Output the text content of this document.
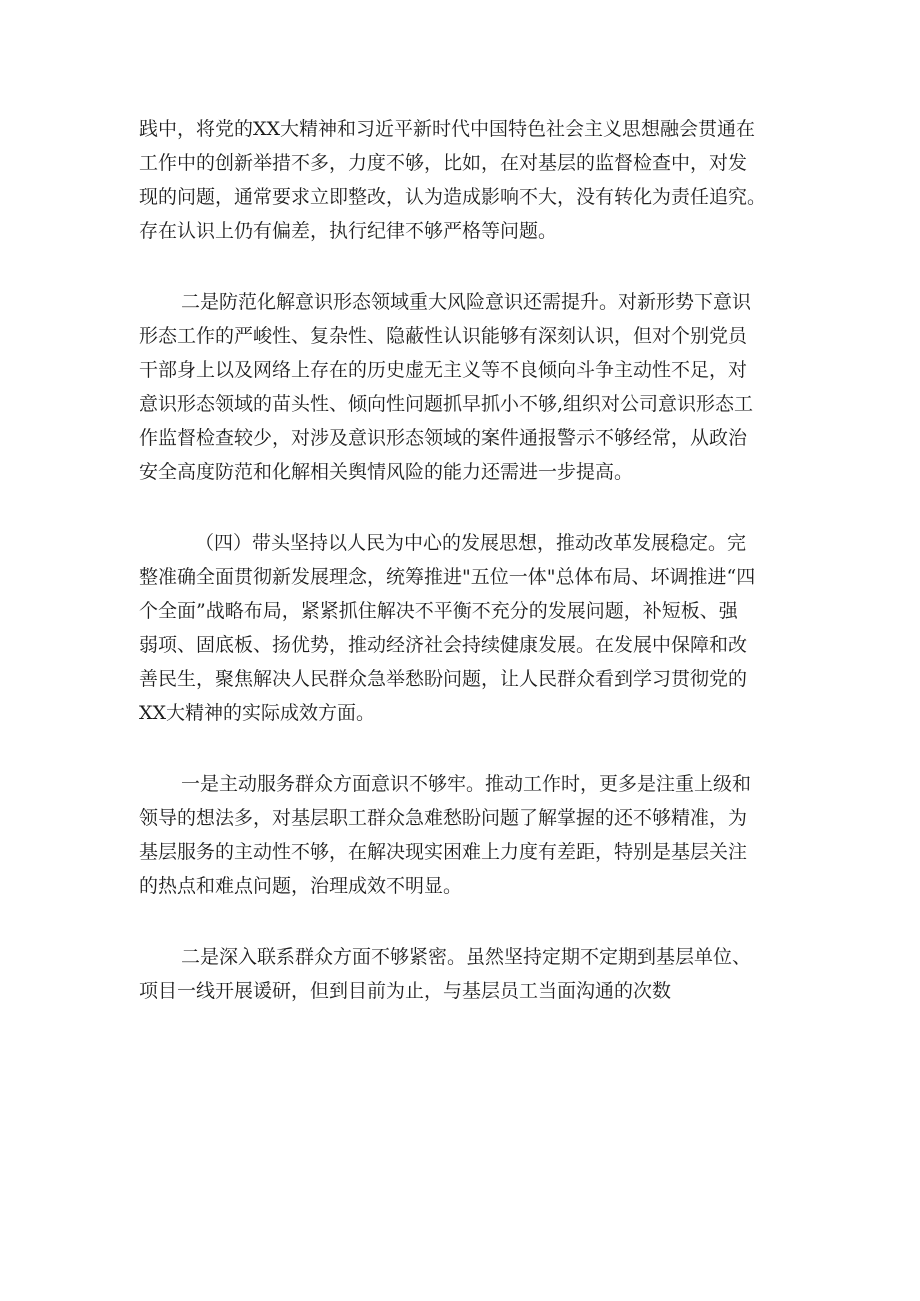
践中，将党的XX大精神和习近平新时代中国特色社会主义思想融会贯通在
工作中的创新举措不多，力度不够，比如，在对基层的监督检查中，对发
现的问题，通常要求立即整改，认为造成影响不大，没有转化为责任追究。
存在认识上仍有偏差，执行纪律不够严格等问题。
二是防范化解意识形态领域重大风险意识还需提升。对新形势下意识
形态工作的严峻性、复杂性、隐蔽性认识能够有深刻认识，但对个别党员
干部身上以及网络上存在的历史虚无主义等不良倾向斗争主动性不足，对
意识形态领域的苗头性、倾向性问题抓早抓小不够,组织对公司意识形态工
作监督检查较少，对涉及意识形态领域的案件通报警示不够经常，从政治
安全高度防范和化解相关舆情风险的能力还需进一步提高。
（四）带头坚持以人民为中心的发展思想，推动改革发展稳定。完
整准确全面贯彻新发展理念，统筹推进"五位一体"总体布局、坏调推进“四
个全面”战略布局，紧紧抓住解决不平衡不充分的发展问题，补短板、强
弱项、固底板、扬优势，推动经济社会持续健康发展。在发展中保障和改
善民生，聚焦解决人民群众急举愁盼问题，让人民群众看到学习贯彻党的
XX大精神的实际成效方面。
一是主动服务群众方面意识不够牢。推动工作时，更多是注重上级和
领导的想法多，对基层职工群众急难愁盼问题了解掌握的还不够精准，为
基层服务的主动性不够，在解决现实困难上力度有差距，特别是基层关注
的热点和难点问题，治理成效不明显。
二是深入联系群众方面不够紧密。虽然坚持定期不定期到基层单位、
项目一线开展谖研，但到目前为止，与基层员工当面沟通的次数
